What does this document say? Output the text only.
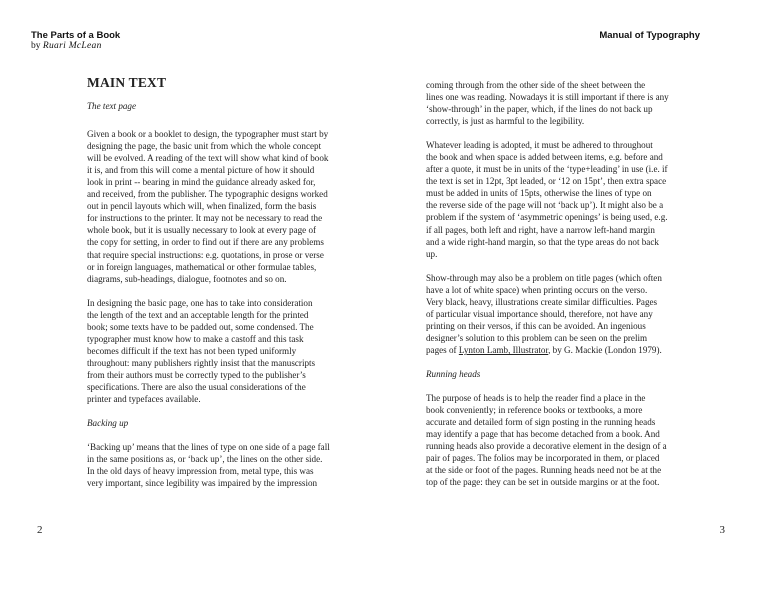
The Parts of a Book
by Ruari McLean
Manual of Typography
MAIN TEXT

The text page

Given a book or a booklet to design, the typographer must start by

designing the page, the basic unit from which the whole concept

will be evolved. A reading of the text will show what kind of book

it is, and from this will come a mental picture of how it should

look in print -- bearing in mind the guidance already asked for,

and received, from the publisher. The typographic designs worked

out in pencil layouts which will, when finalized, form the basis

for instructions to the printer. It may not be necessary to read the

whole book, but it is usually necessary to look at every page of

the copy for setting, in order to find out if there are any problems

that require special instructions: e.g. quotations, in prose or verse

or in foreign languages, mathematical or other formulae tables,

diagrams, sub-headings, dialogue, footnotes and so on.

In designing the basic page, one has to take into consideration

the length of the text and an acceptable length for the printed

book; some texts have to be padded out, some condensed. The

typographer must know how to make a castoff and this task

becomes difficult if the text has not been typed uniformly

throughout: many publishers rightly insist that the manuscripts

from their authors must be correctly typed to the publisher’s

specifications. There are also the usual considerations of the

printer and typefaces available.

Backing up

‘Backing up’ means that the lines of type on one side of a page fall

in the same positions as, or ‘back up’, the lines on the other side.

In the old days of heavy impression from, metal type, this was

very important, since legibility was impaired by the impression

coming through from the other side of the sheet between the

lines one was reading. Nowadays it is still important if there is any

‘show-through’ in the paper, which, if the lines do not back up

correctly, is just as harmful to the legibility.

Whatever leading is adopted, it must be adhered to throughout

the book and when space is added between items, e.g. before and

after a quote, it must be in units of the ‘type+leading’ in use (i.e. if

the text is set in 12pt, 3pt leaded, or ‘12 on 15pt’, then extra space

must be added in units of 15pts, otherwise the lines of type on

the reverse side of the page will not ‘back up’). It might also be a

problem if the system of ‘asymmetric openings’ is being used, e.g.

if all pages, both left and right, have a narrow left-hand margin

and a wide right-hand margin, so that the type areas do not back

up.

Show-through may also be a problem on title pages (which often

have a lot of white space) when printing occurs on the verso.

Very black, heavy, illustrations create similar difficulties. Pages

of particular visual importance should, therefore, not have any

printing on their versos, if this can be avoided. An ingenious

designer’s solution to this problem can be seen on the prelim

pages of Lynton Lamb, Illustrator, by G. Mackie (London 1979).

Running heads

The purpose of heads is to help the reader find a place in the

book conveniently; in reference books or textbooks, a more

accurate and detailed form of sign posting in the running heads

may identify a page that has become detached from a book. And

running heads also provide a decorative element in the design of a

pair of pages. The folios may be incorporated in them, or placed

at the side or foot of the pages. Running heads need not be at the

top of the page: they can be set in outside margins or at the foot.

2	3
